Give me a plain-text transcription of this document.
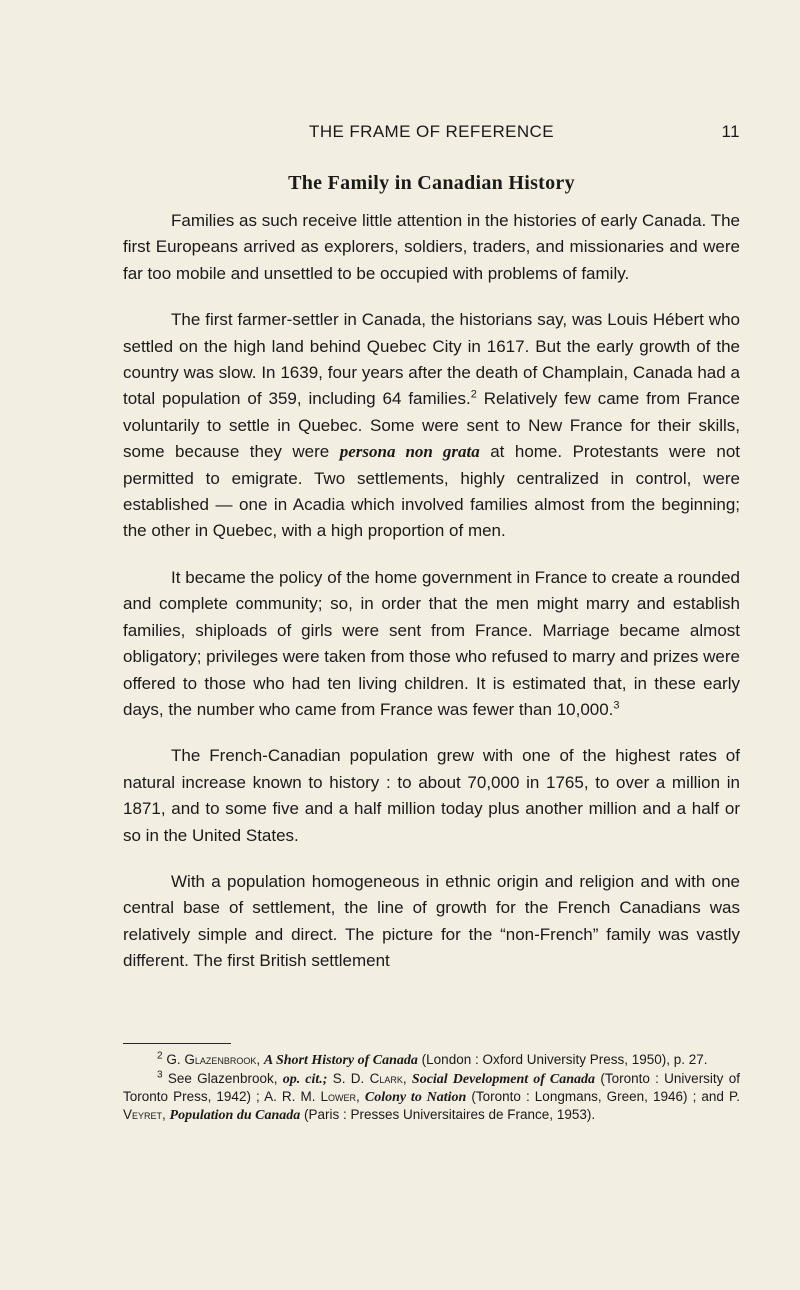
THE FRAME OF REFERENCE	11
The Family in Canadian History

Families as such receive little attention in the histories of early Canada. The first Europeans arrived as explorers, soldiers, traders, and missionaries and were far too mobile and unsettled to be occupied with problems of family.

The first farmer-settler in Canada, the historians say, was Louis Hébert who settled on the high land behind Quebec City in 1617. But the early growth of the country was slow. In 1639, four years after the death of Champlain, Canada had a total population of 359, including 64 families.$^2$ Relatively few came from France voluntarily to settle in Quebec. Some were sent to New France for their skills, some because they were persona non grata at home. Protestants were not permitted to emigrate. Two settlements, highly centralized in control, were established — one in Acadia which involved families almost from the beginning; the other in Quebec, with a high proportion of men.

It became the policy of the home government in France to create a rounded and complete community; so, in order that the men might marry and establish families, shiploads of girls were sent from France. Marriage became almost obligatory; privileges were taken from those who refused to marry and prizes were offered to those who had ten living children. It is estimated that, in these early days, the number who came from France was fewer than 10,000.$^3$

The French-Canadian population grew with one of the highest rates of natural increase known to history : to about 70,000 in 1765, to over a million in 1871, and to some five and a half million today plus another million and a half or so in the United States.

With a population homogeneous in ethnic origin and religion and with one central base of settlement, the line of growth for the French Canadians was relatively simple and direct. The picture for the “non-French” family was vastly different. The first British settlement

$^2$ G. Glazenbrook, A Short History of Canada (London : Oxford University Press, 1950), p. 27.

$^3$ See Glazenbrook, op. cit.; S. D. Clark, Social Development of Canada (Toronto : University of Toronto Press, 1942) ; A. R. M. Lower, Colony to Nation (Toronto : Longmans, Green, 1946) ; and P. Veyret, Population du Canada (Paris : Presses Universitaires de France, 1953).
